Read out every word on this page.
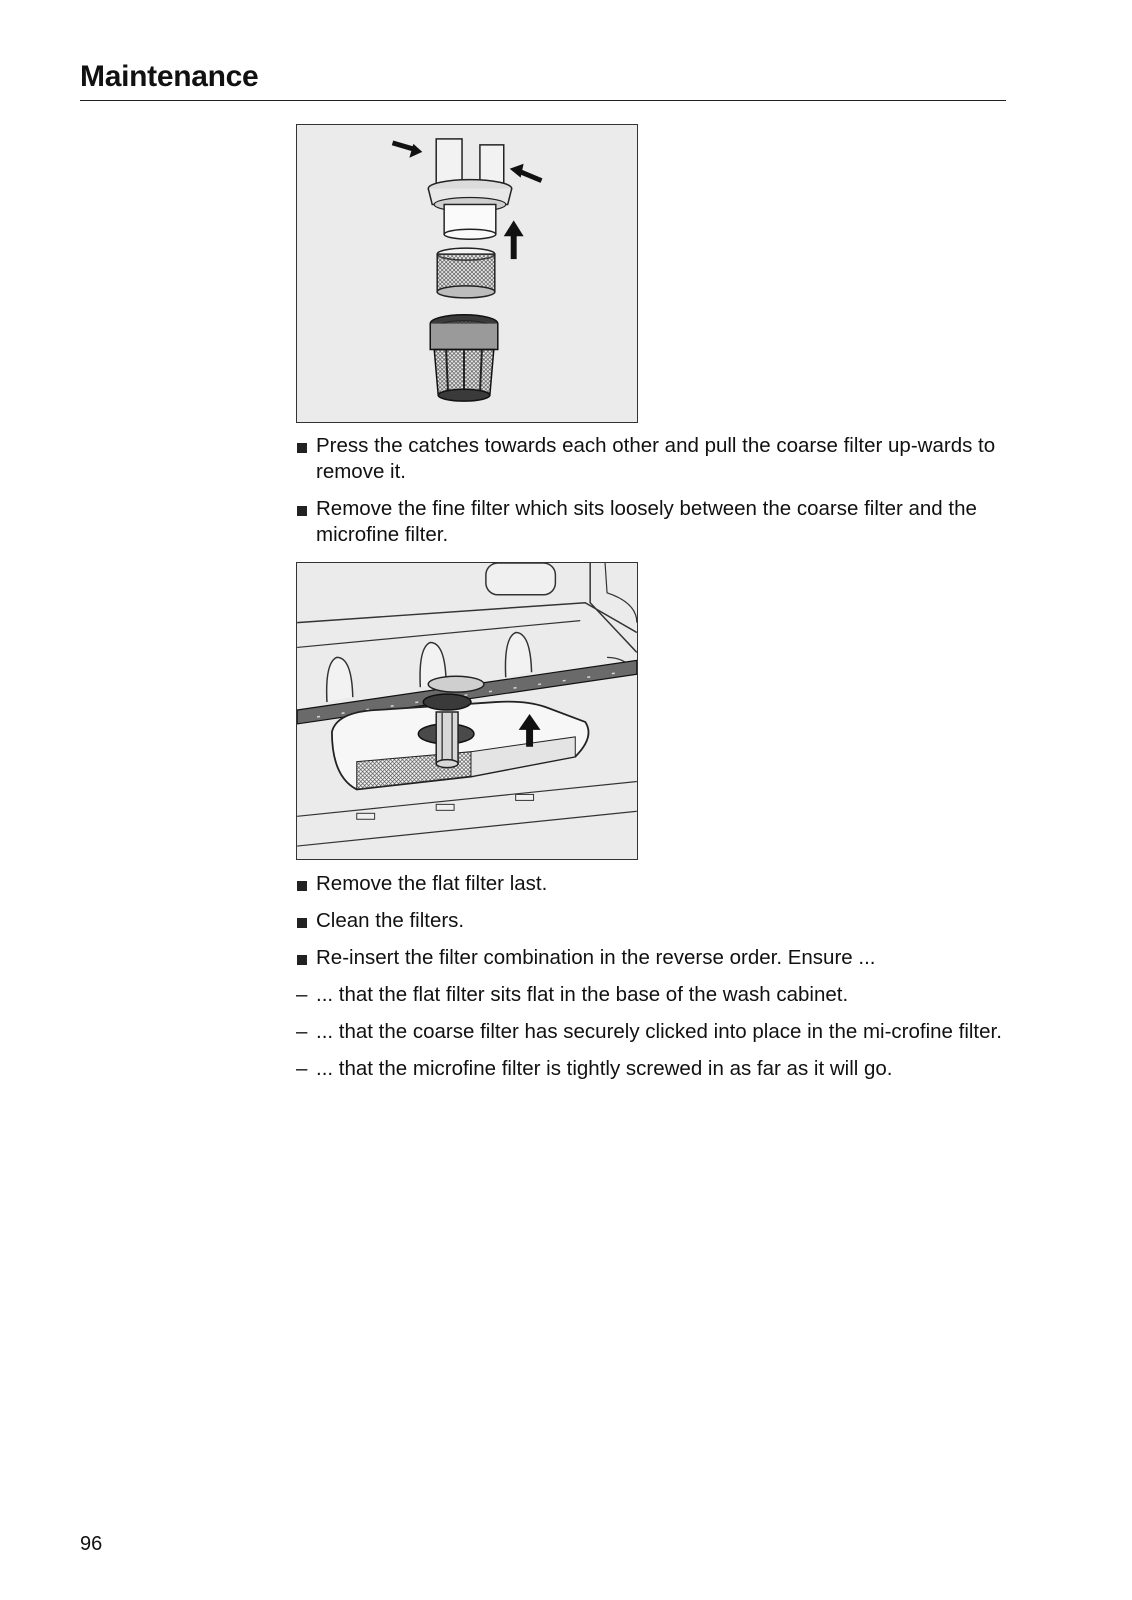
Maintenance
Press the catches towards each other and pull the coarse filter up-wards to remove it.
Remove the fine filter which sits loosely between the coarse filter and the microfine filter.
Remove the flat filter last.
Clean the filters.
Re-insert the filter combination in the reverse order. Ensure ...
– ... that the flat filter sits flat in the base of the wash cabinet.
– ... that the coarse filter has securely clicked into place in the mi-crofine filter.
– ... that the microfine filter is tightly screwed in as far as it will go.
96
